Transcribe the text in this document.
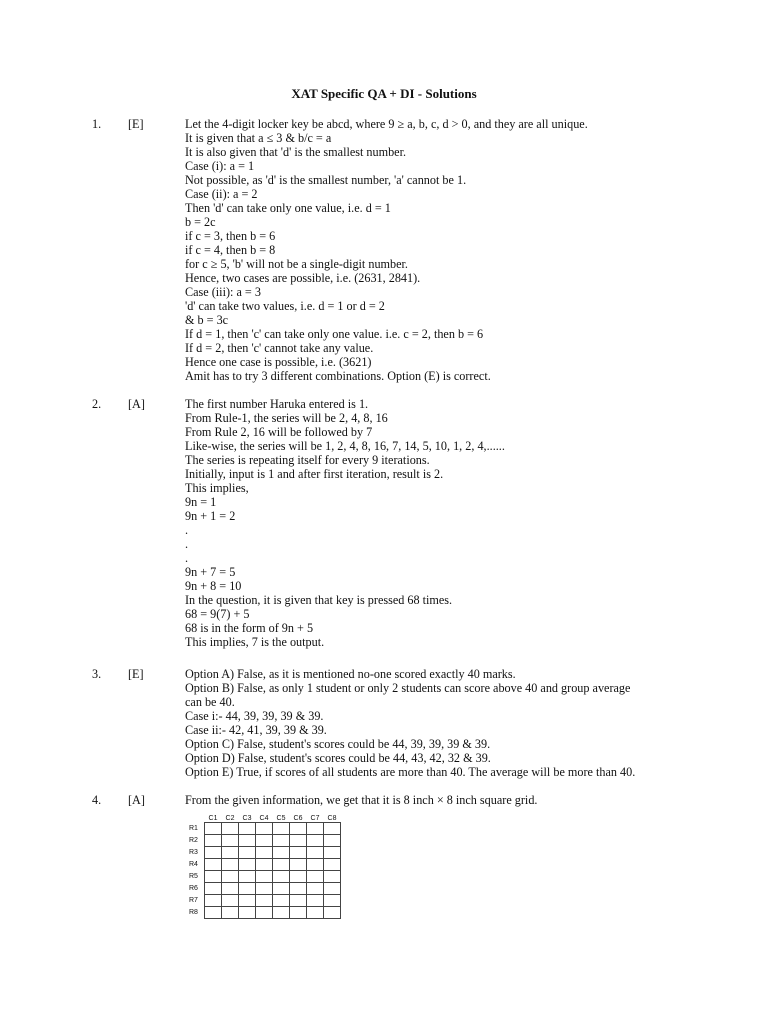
XAT Specific QA + DI - Solutions
1. [E]	Let the 4-digit locker key be abcd, where 9 ≥ a, b, c, d > 0, and they are all unique.
It is given that a ≤ 3 & b/c = a
It is also given that 'd' is the smallest number.
Case (i): a = 1
Not possible, as 'd' is the smallest number, 'a' cannot be 1.
Case (ii): a = 2
Then 'd' can take only one value, i.e. d = 1
b = 2c
if c = 3, then b = 6
if c = 4, then b = 8
for c ≥ 5, 'b' will not be a single-digit number.
Hence, two cases are possible, i.e. (2631, 2841).
Case (iii): a = 3
'd' can take two values, i.e. d = 1 or d = 2
& b = 3c
If d = 1, then 'c' can take only one value. i.e. c = 2, then b = 6
If d = 2, then 'c' cannot take any value.
Hence one case is possible, i.e. (3621)
Amit has to try 3 different combinations. Option (E) is correct.
2. [A]	The first number Haruka entered is 1.
From Rule-1, the series will be 2, 4, 8, 16
From Rule 2, 16 will be followed by 7
Like-wise, the series will be 1, 2, 4, 8, 16, 7, 14, 5, 10, 1, 2, 4,......
The series is repeating itself for every 9 iterations.
Initially, input is 1 and after first iteration, result is 2.
This implies,
9n = 1
9n + 1 = 2
.
.
.
9n + 7 = 5
9n + 8 = 10
In the question, it is given that key is pressed 68 times.
68 = 9(7) + 5
68 is in the form of 9n + 5
This implies, 7 is the output.
3. [E]	Option A) False, as it is mentioned no-one scored exactly 40 marks.
Option B) False, as only 1 student or only 2 students can score above 40 and group average
can be 40.
Case i:- 44, 39, 39, 39 & 39.
Case ii:- 42, 41, 39, 39 & 39.
Option C) False, student's scores could be 44, 39, 39, 39 & 39.
Option D) False, student's scores could be 44, 43, 42, 32 & 39.
Option E) True, if scores of all students are more than 40. The average will be more than 40.
4. [A]	From the given information, we get that it is 8 inch × 8 inch square grid.
	C1	C2	C3	C4	C5	C6	C7	C8
R1								
R2								
R3								
R4								
R5								
R6								
R7								
R8								
